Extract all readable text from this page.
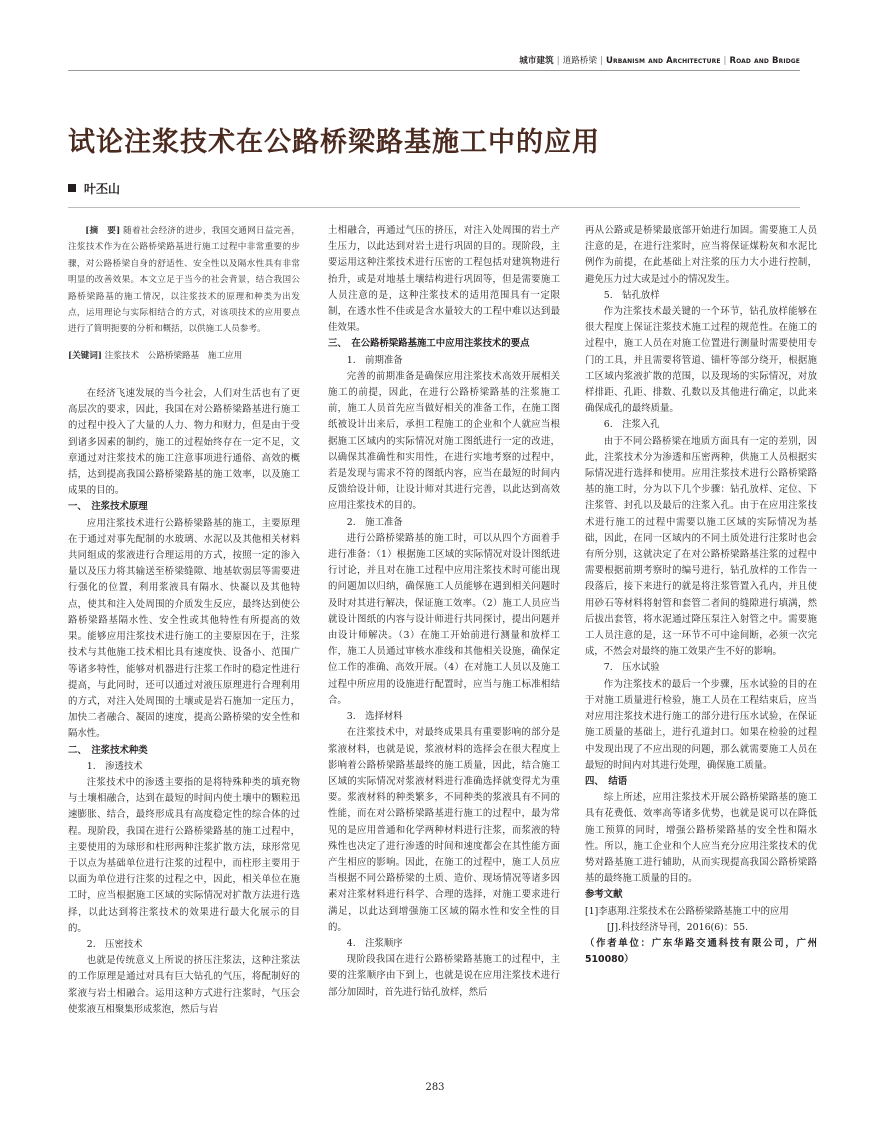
城市建筑 | 道路桥梁 | Urbanism and Architecture | Road and Bridge
试论注浆技术在公路桥梁路基施工中的应用
叶丕山

[摘　要] 随着社会经济的进步，我国交通网日益完善，注浆技术作为在公路桥梁路基进行施工过程中非常重要的步骤，对公路桥梁自身的舒适性、安全性以及隔水性具有非常明显的改善效果。本文立足于当今的社会背景，结合我国公路桥梁路基的施工情况，以注浆技术的原理和种类为出发点，运用理论与实际相结合的方式，对该项技术的应用要点进行了简明扼要的分析和概括，以供施工人员参考。

[关键词] 注浆技术　公路桥梁路基　施工应用

在经济飞速发展的当今社会，人们对生活也有了更高层次的要求，因此，我国在对公路桥梁路基进行施工的过程中投入了大量的人力、物力和财力，但是由于受到诸多因素的制约，施工的过程始终存在一定不足，文章通过对注浆技术的施工注意事项进行通俗、高效的概括，达到提高我国公路桥梁路基的施工效率，以及施工成果的目的。

一、　注浆技术原理

应用注浆技术进行公路桥梁路基的施工，主要原理在于通过对事先配制的水玻璃、水泥以及其他相关材料共同组成的浆液进行合理运用的方式，按照一定的渗入量以及压力将其输送至桥梁缝隙、地基软弱层等需要进行强化的位置，利用浆液具有隔水、快凝以及其他特点，使其和注入处周围的介质发生反应，最终达到使公路桥梁路基隔水性、安全性或其他特性有所提高的效果。能够应用注浆技术进行施工的主要原因在于，注浆技术与其他施工技术相比具有速度快、设备小、范围广等诸多特性，能够对机器进行注浆工作时的稳定性进行提高，与此同时，还可以通过对液压原理进行合理利用的方式，对注入处周围的土壤或是岩石施加一定压力，加快二者融合、凝固的速度，提高公路桥梁的安全性和隔水性。

二、　注浆技术种类
1.　渗透技术

注浆技术中的渗透主要指的是将特殊种类的填充物与土壤相融合，达到在最短的时间内使土壤中的颗粒迅速膨胀、结合，最终形成具有高度稳定性的综合体的过程。现阶段，我国在进行公路桥梁路基的施工过程中，主要使用的为球形和柱形两种注浆扩散方法，球形常见于以点为基础单位进行注浆的过程中，而柱形主要用于以面为单位进行注浆的过程之中，因此，相关单位在施工时，应当根据施工区域的实际情况对扩散方法进行选择，以此达到将注浆技术的效果进行最大化展示的目的。

2.　压密技术

也就是传统意义上所说的挤压注浆法，这种注浆法的工作原理是通过对具有巨大钻孔的气压，将配制好的浆液与岩土相融合。运用这种方式进行注浆时，气压会使浆液互相聚集形成浆泡，然后与岩

土相融合，再通过气压的挤压，对注入处周围的岩土产生压力，以此达到对岩土进行巩固的目的。现阶段，主要运用这种注浆技术进行压密的工程包括对建筑物进行抬升，或是对地基土壤结构进行巩固等，但是需要施工人员注意的是，这种注浆技术的适用范围具有一定限制，在透水性不佳或是含水量较大的工程中难以达到最佳效果。

三、　在公路桥梁路基施工中应用注浆技术的要点
1.　前期准备

完善的前期准备是确保应用注浆技术高效开展相关施工的前提，因此，在进行公路桥梁路基的注浆施工前，施工人员首先应当做好相关的准备工作，在施工图纸被设计出来后，承担工程施工的企业和个人就应当根据施工区域内的实际情况对施工图纸进行一定的改进，以确保其准确性和实用性，在进行实地考察的过程中，若是发现与需求不符的图纸内容，应当在最短的时间内反馈给设计师，让设计师对其进行完善，以此达到高效应用注浆技术的目的。

2.　施工准备

进行公路桥梁路基的施工时，可以从四个方面着手进行准备：（1）根据施工区域的实际情况对设计图纸进行讨论，并且对在施工过程中应用注浆技术时可能出现的问题加以归纳，确保施工人员能够在遇到相关问题时及时对其进行解决，保证施工效率。（2）施工人员应当就设计图纸的内容与设计师进行共同探讨，提出问题并由设计师解决。（3）在施工开始前进行测量和放样工作，施工人员通过审核水准线和其他相关设施，确保定位工作的准确、高效开展。（4）在对施工人员以及施工过程中所应用的设施进行配置时，应当与施工标准相结合。

3.　选择材料

在注浆技术中，对最终成果具有重要影响的部分是浆液材料，也就是说，浆液材料的选择会在很大程度上影响着公路桥梁路基最终的施工质量，因此，结合施工区域的实际情况对浆液材料进行准确选择就变得尤为重要。浆液材料的种类繁多，不同种类的浆液具有不同的性能，而在对公路桥梁路基进行施工的过程中，最为常见的是应用普通和化学两种材料进行注浆，而浆液的特殊性也决定了进行渗透的时间和速度都会在其性能方面产生相应的影响。因此，在施工的过程中，施工人员应当根据不同公路桥梁的土质、造价、现场情况等诸多因素对注浆材料进行科学、合理的选择，对施工要求进行满足，以此达到增强施工区域的隔水性和安全性的目的。

4.　注浆顺序

现阶段我国在进行公路桥梁路基施工的过程中，主要的注浆顺序由下到上，也就是说在应用注浆技术进行部分加固时，首先进行钻孔放样，然后

再从公路或是桥梁最底部开始进行加固。需要施工人员注意的是，在进行注浆时，应当将保证煤粉灰和水泥比例作为前提，在此基础上对注浆的压力大小进行控制，避免压力过大或是过小的情况发生。

5.　钻孔放样

作为注浆技术最关键的一个环节，钻孔放样能够在很大程度上保证注浆技术施工过程的规范性。在施工的过程中，施工人员在对施工位置进行测量时需要使用专门的工具，并且需要将管道、锚杆等部分绕开，根据施工区域内浆液扩散的范围，以及现场的实际情况，对放样排距、孔距、排数、孔数以及其他进行确定，以此来确保成孔的最终质量。

6.　注浆入孔

由于不同公路桥梁在地质方面具有一定的差别，因此，注浆技术分为渗透和压密两种，供施工人员根据实际情况进行选择和使用。应用注浆技术进行公路桥梁路基的施工时，分为以下几个步骤：钻孔放样、定位、下注浆管、封孔以及最后的注浆入孔。由于在应用注浆技术进行施工的过程中需要以施工区域的实际情况为基础，因此，在同一区域内的不同土质处进行注浆时也会有所分别，这就决定了在对公路桥梁路基注浆的过程中需要根据前期考察时的编号进行，钻孔放样的工作告一段落后，接下来进行的就是将注浆管置入孔内，并且使用砂石等材料将射管和套管二者间的缝隙进行填满，然后拔出套管，将水泥通过降压泵注入射管之中。需要施工人员注意的是，这一环节不可中途间断，必须一次完成，不然会对最终的施工效果产生不好的影响。

7.　压水试验

作为注浆技术的最后一个步骤，压水试验的目的在于对施工质量进行检验，施工人员在工程结束后，应当对应用注浆技术进行施工的部分进行压水试验，在保证施工质量的基础上，进行孔道封口。如果在检验的过程中发现出现了不应出现的问题，那么就需要施工人员在最短的时间内对其进行处理，确保施工质量。

四、　结语

综上所述，应用注浆技术开展公路桥梁路基的施工具有花费低、效率高等诸多优势，也就是说可以在降低施工预算的同时，增强公路桥梁路基的安全性和隔水性。所以，施工企业和个人应当充分应用注浆技术的优势对路基施工进行辅助，从而实现提高我国公路桥梁路基的最终施工质量的目的。

参考文献
[1]李惠翔.注浆技术在公路桥梁路基施工中的应用
[J].科技经济导刊，2016(6)：55.
（作者单位：广东华路交通科技有限公司，广州 510080）
283
